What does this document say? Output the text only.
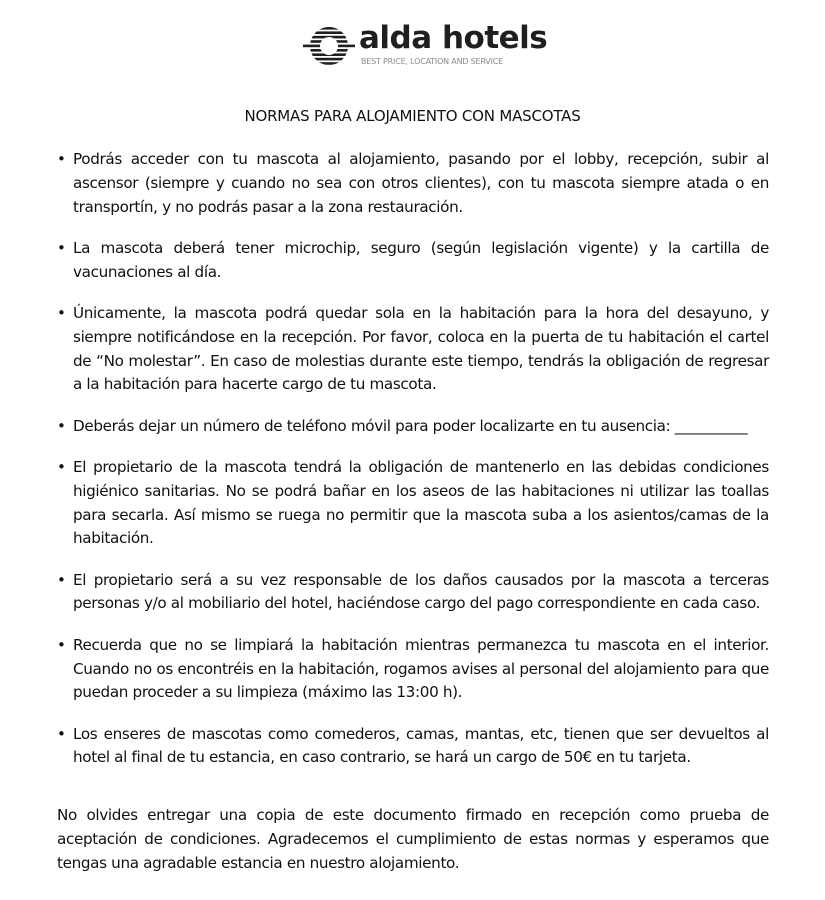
alda hotels
BEST PRICE, LOCATION AND SERVICE
NORMAS PARA ALOJAMIENTO CON MASCOTAS
• Podrás acceder con tu mascota al alojamiento, pasando por el lobby, recepción, subir al ascensor (siempre y cuando no sea con otros clientes), con tu mascota siempre atada o en transportín, y no podrás pasar a la zona restauración.
• La mascota deberá tener microchip, seguro (según legislación vigente) y la cartilla de vacunaciones al día.
• Únicamente, la mascota podrá quedar sola en la habitación para la hora del desayuno, y siempre notificándose en la recepción. Por favor, coloca en la puerta de tu habitación el cartel de “No molestar”. En caso de molestias durante este tiempo, tendrás la obligación de regresar a la habitación para hacerte cargo de tu mascota.
• Deberás dejar un número de teléfono móvil para poder localizarte en tu ausencia: __________
• El propietario de la mascota tendrá la obligación de mantenerlo en las debidas condiciones higiénico sanitarias. No se podrá bañar en los aseos de las habitaciones ni utilizar las toallas para secarla. Así mismo se ruega no permitir que la mascota suba a los asientos/camas de la habitación.
• El propietario será a su vez responsable de los daños causados por la mascota a terceras personas y/o al mobiliario del hotel, haciéndose cargo del pago correspondiente en cada caso.
• Recuerda que no se limpiará la habitación mientras permanezca tu mascota en el interior. Cuando no os encontréis en la habitación, rogamos avises al personal del alojamiento para que puedan proceder a su limpieza (máximo las 13:00 h).
• Los enseres de mascotas como comederos, camas, mantas, etc, tienen que ser devueltos al hotel al final de tu estancia, en caso contrario, se hará un cargo de 50€ en tu tarjeta.

No olvides entregar una copia de este documento firmado en recepción como prueba de aceptación de condiciones. Agradecemos el cumplimiento de estas normas y esperamos que tengas una agradable estancia en nuestro alojamiento.
